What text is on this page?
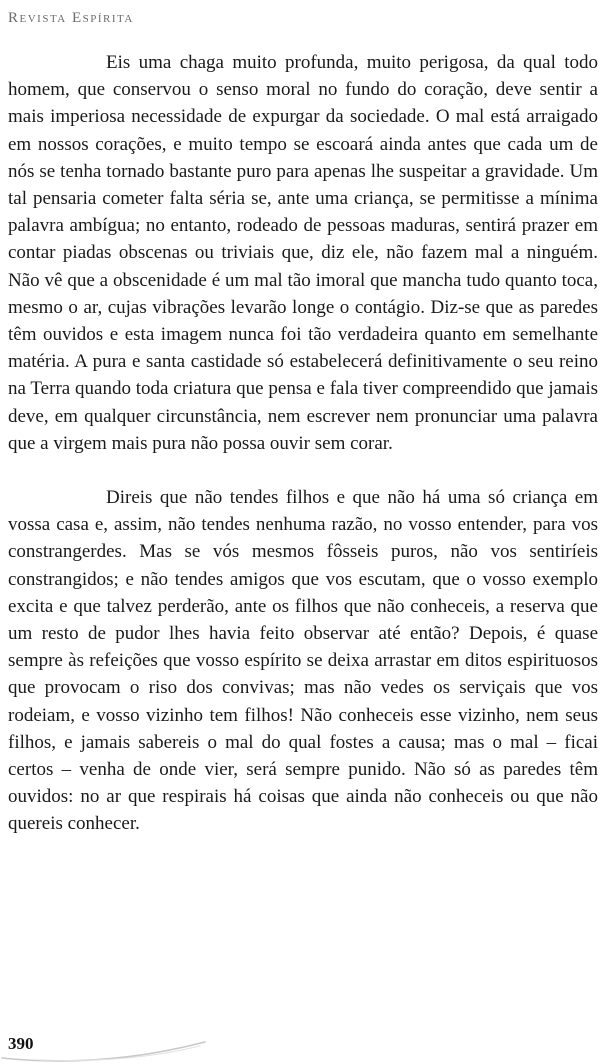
Revista Espírita

Eis uma chaga muito profunda, muito perigosa, da qual todo homem, que conservou o senso moral no fundo do coração, deve sentir a mais imperiosa necessidade de expurgar da sociedade. O mal está arraigado em nossos corações, e muito tempo se escoará ainda antes que cada um de nós se tenha tornado bastante puro para apenas lhe suspeitar a gravidade. Um tal pensaria cometer falta séria se, ante uma criança, se permitisse a mínima palavra ambígua; no entanto, rodeado de pessoas maduras, sentirá prazer em contar piadas obscenas ou triviais que, diz ele, não fazem mal a ninguém. Não vê que a obscenidade é um mal tão imoral que mancha tudo quanto toca, mesmo o ar, cujas vibrações levarão longe o contágio. Diz-se que as paredes têm ouvidos e esta imagem nunca foi tão verdadeira quanto em semelhante matéria. A pura e santa castidade só estabelecerá definitivamente o seu reino na Terra quando toda criatura que pensa e fala tiver compreendido que jamais deve, em qualquer circunstância, nem escrever nem pronunciar uma palavra que a virgem mais pura não possa ouvir sem corar.

Direis que não tendes filhos e que não há uma só criança em vossa casa e, assim, não tendes nenhuma razão, no vosso entender, para vos constrangerdes. Mas se vós mesmos fôsseis puros, não vos sentiríeis constrangidos; e não tendes amigos que vos escutam, que o vosso exemplo excita e que talvez perderão, ante os filhos que não conheceis, a reserva que um resto de pudor lhes havia feito observar até então? Depois, é quase sempre às refeições que vosso espírito se deixa arrastar em ditos espirituosos que provocam o riso dos convivas; mas não vedes os serviçais que vos rodeiam, e vosso vizinho tem filhos! Não conheceis esse vizinho, nem seus filhos, e jamais sabereis o mal do qual fostes a causa; mas o mal – ficai certos – venha de onde vier, será sempre punido. Não só as paredes têm ouvidos: no ar que respirais há coisas que ainda não conheceis ou que não quereis conhecer.

390
